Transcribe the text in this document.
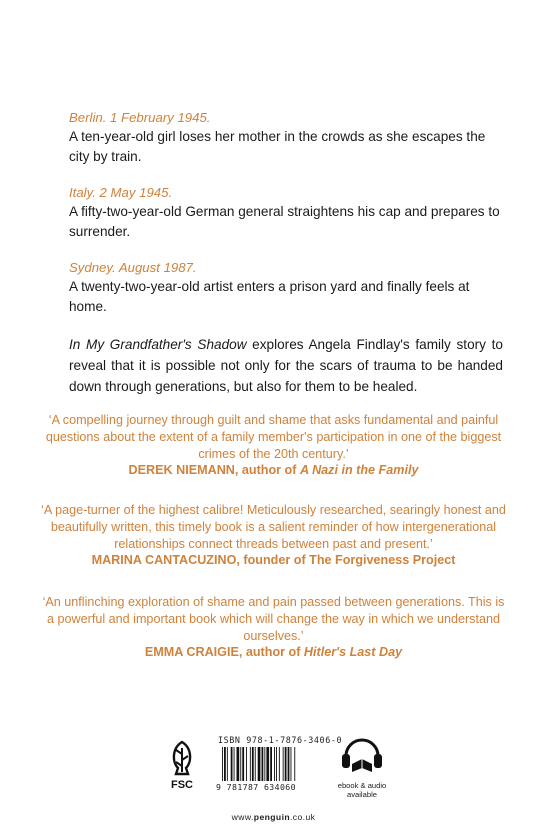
Berlin. 1 February 1945.
A ten-year-old girl loses her mother in the crowds as she escapes the city by train.
Italy. 2 May 1945.
A fifty-two-year-old German general straightens his cap and prepares to surrender.
Sydney. August 1987.
A twenty-two-year-old artist enters a prison yard and finally feels at home.
In My Grandfather's Shadow explores Angela Findlay's family story to reveal that it is possible not only for the scars of trauma to be handed down through generations, but also for them to be healed.
‘A compelling journey through guilt and shame that asks fundamental and painful questions about the extent of a family member's participation in one of the biggest crimes of the 20th century.’
DEREK NIEMANN, author of A Nazi in the Family
‘A page-turner of the highest calibre! Meticulously researched, searingly honest and beautifully written, this timely book is a salient reminder of how intergenerational relationships connect threads between past and present.’
MARINA CANTACUZINO, founder of The Forgiveness Project
‘An unflinching exploration of shame and pain passed between generations. This is a powerful and important book which will change the way in which we understand ourselves.’
EMMA CRAIGIE, author of Hitler's Last Day
FSC
ISBN 978-1-7876-3406-0
9 781787 634060	ebook & audio
available
www.penguin.co.uk
